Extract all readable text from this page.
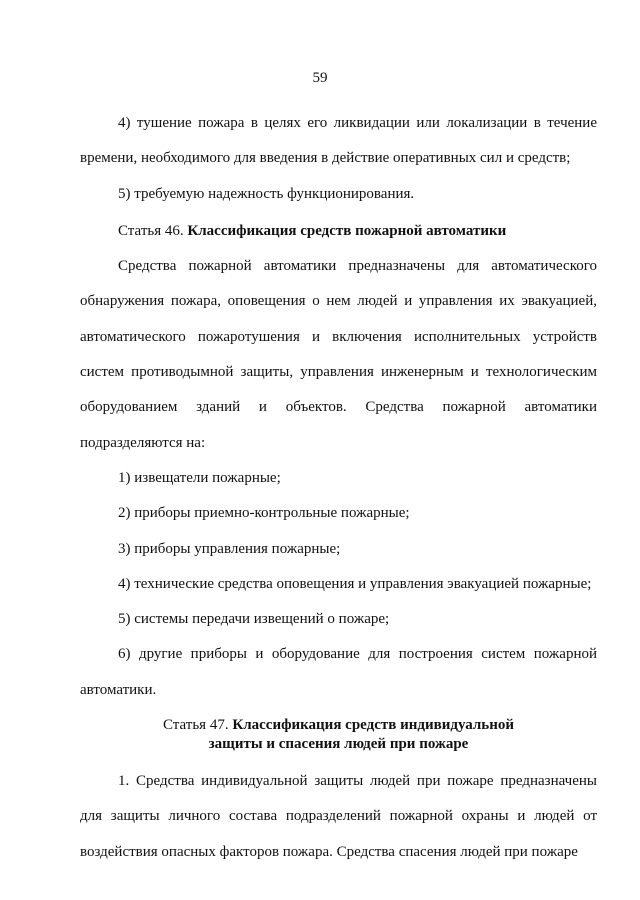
59

4) тушение пожара в целях его ликвидации или локализации в течение времени, необходимого для введения в действие оперативных сил и средств;

5) требуемую надежность функционирования.

Статья 46. Классификация средств пожарной автоматики

Средства пожарной автоматики предназначены для автоматического обнаружения пожара, оповещения о нем людей и управления их эвакуацией, автоматического пожаротушения и включения исполнительных устройств систем противодымной защиты, управления инженерным и технологическим оборудованием зданий и объектов. Средства пожарной автоматики подразделяются на:

1) извещатели пожарные;

2) приборы приемно-контрольные пожарные;

3) приборы управления пожарные;

4) технические средства оповещения и управления эвакуацией пожарные;

5) системы передачи извещений о пожаре;

6) другие приборы и оборудование для построения систем пожарной автоматики.

Статья 47. Классификация средств индивидуальной
защиты и спасения людей при пожаре

1. Средства индивидуальной защиты людей при пожаре предназначены для защиты личного состава подразделений пожарной охраны и людей от воздействия опасных факторов пожара. Средства спасения людей при пожаре
